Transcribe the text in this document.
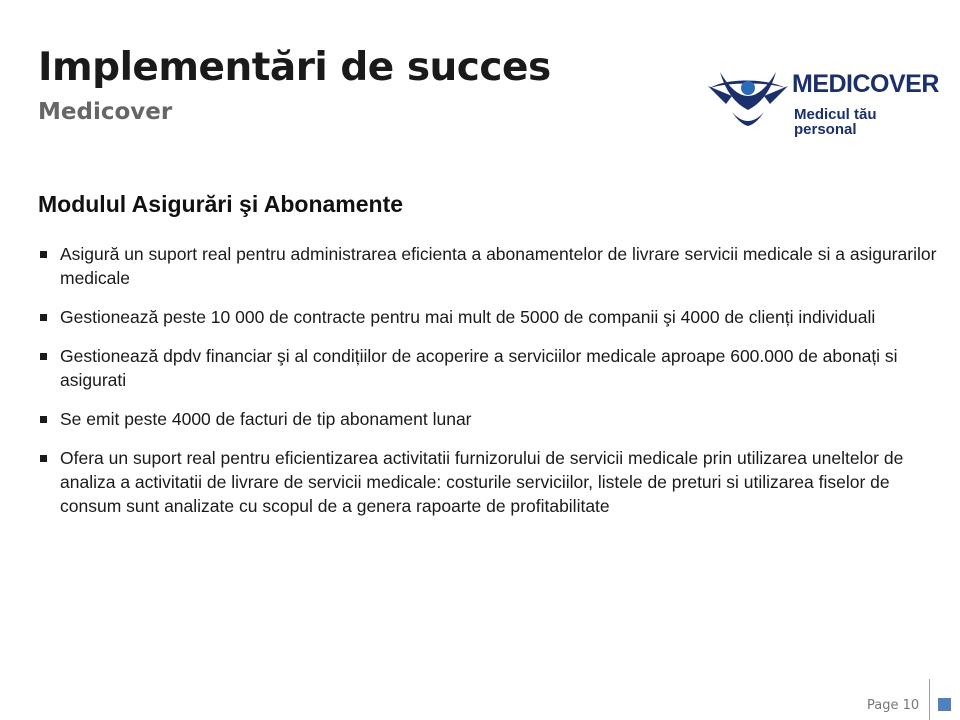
Implementări de succes
Medicover
MEDICOVER
Medicul tău personal
Modulul Asigurări şi Abonamente
Asigură un suport real pentru administrarea eficienta a abonamentelor de livrare servicii medicale si a asigurarilor medicale
Gestionează peste 10 000 de contracte pentru mai mult de 5000 de companii şi 4000 de clienți individuali
Gestionează dpdv financiar şi al condițiilor de acoperire a serviciilor medicale aproape 600.000 de abonați si asigurati
Se emit peste 4000 de facturi de tip abonament lunar
Ofera un suport real pentru eficientizarea activitatii furnizorului de servicii medicale prin utilizarea uneltelor de analiza a activitatii de livrare de servicii medicale: costurile serviciilor, listele de preturi si utilizarea fiselor de consum sunt analizate cu scopul de a genera rapoarte de profitabilitate
Page 10
